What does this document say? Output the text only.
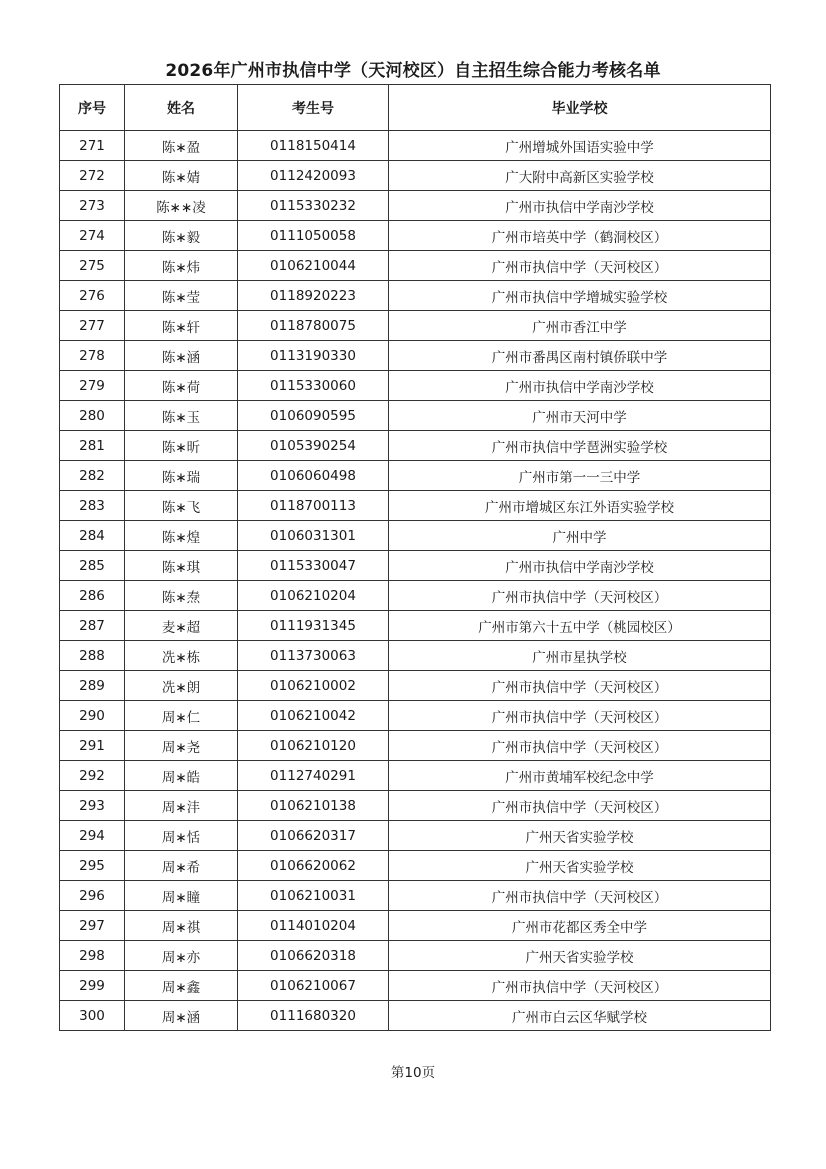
2026年广州市执信中学（天河校区）自主招生综合能力考核名单
序号	姓名	考生号	毕业学校
271	陈∗盈	0118150414	广州增城外国语实验中学
272	陈∗婧	0112420093	广大附中高新区实验学校
273	陈∗∗凌	0115330232	广州市执信中学南沙学校
274	陈∗毅	0111050058	广州市培英中学（鹤洞校区）
275	陈∗炜	0106210044	广州市执信中学（天河校区）
276	陈∗莹	0118920223	广州市执信中学增城实验学校
277	陈∗轩	0118780075	广州市香江中学
278	陈∗涵	0113190330	广州市番禺区南村镇侨联中学
279	陈∗荷	0115330060	广州市执信中学南沙学校
280	陈∗玉	0106090595	广州市天河中学
281	陈∗昕	0105390254	广州市执信中学琶洲实验学校
282	陈∗瑞	0106060498	广州市第一一三中学
283	陈∗飞	0118700113	广州市增城区东江外语实验学校
284	陈∗煌	0106031301	广州中学
285	陈∗琪	0115330047	广州市执信中学南沙学校
286	陈∗焘	0106210204	广州市执信中学（天河校区）
287	麦∗超	0111931345	广州市第六十五中学（桃园校区）
288	冼∗栋	0113730063	广州市星执学校
289	冼∗朗	0106210002	广州市执信中学（天河校区）
290	周∗仁	0106210042	广州市执信中学（天河校区）
291	周∗尧	0106210120	广州市执信中学（天河校区）
292	周∗皓	0112740291	广州市黄埔军校纪念中学
293	周∗沣	0106210138	广州市执信中学（天河校区）
294	周∗恬	0106620317	广州天省实验学校
295	周∗希	0106620062	广州天省实验学校
296	周∗瞳	0106210031	广州市执信中学（天河校区）
297	周∗祺	0114010204	广州市花都区秀全中学
298	周∗亦	0106620318	广州天省实验学校
299	周∗鑫	0106210067	广州市执信中学（天河校区）
300	周∗涵	0111680320	广州市白云区华赋学校
第10页
